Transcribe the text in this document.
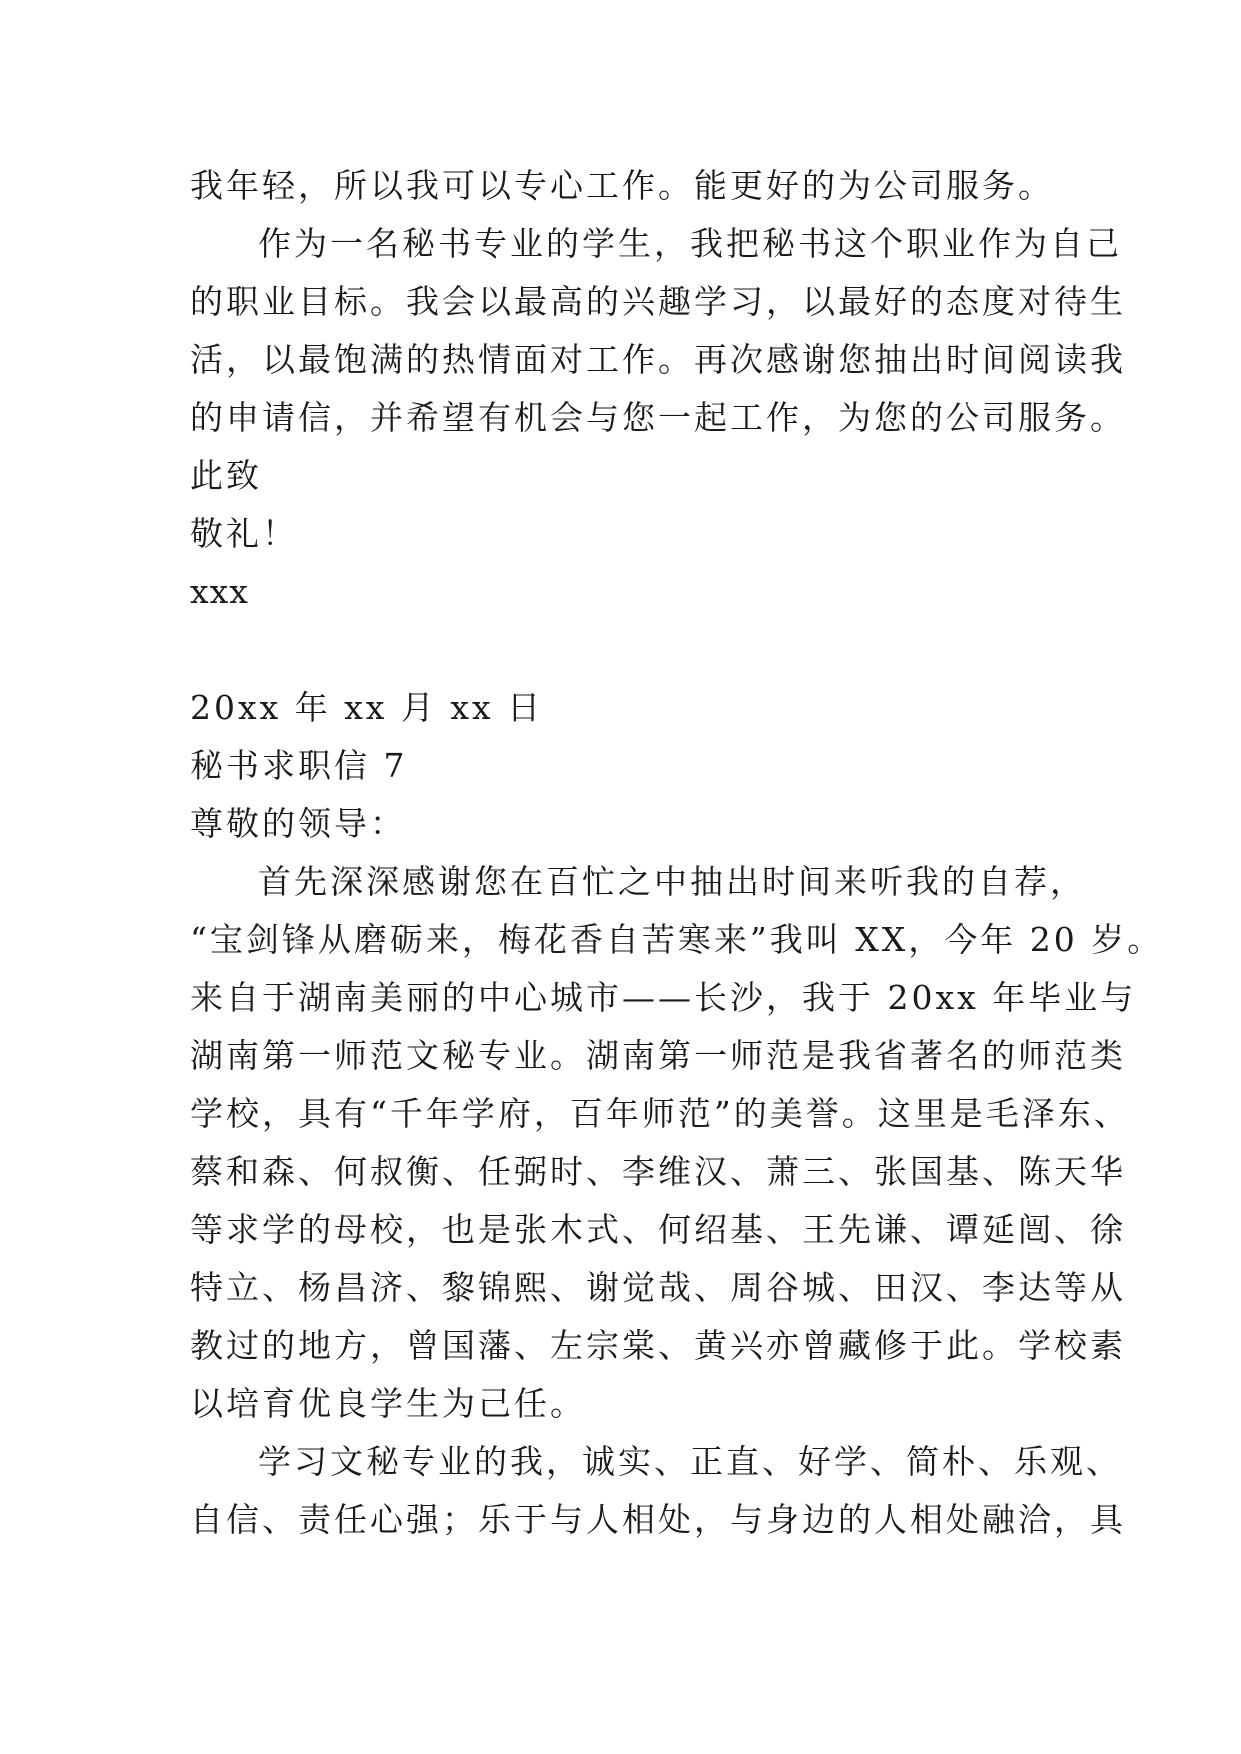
我年轻，所以我可以专心工作。能更好的为公司服务。
作为一名秘书专业的学生，我把秘书这个职业作为自己
的职业目标。我会以最高的兴趣学习，以最好的态度对待生
活，以最饱满的热情面对工作。再次感谢您抽出时间阅读我
的申请信，并希望有机会与您一起工作，为您的公司服务。
此致
敬礼！
xxx
20xx 年 xx 月 xx 日
秘书求职信 7
尊敬的领导：
首先深深感谢您在百忙之中抽出时间来听我的自荐，
“宝剑锋从磨砺来，梅花香自苦寒来”我叫 XX，今年 20 岁。
来自于湖南美丽的中心城市——长沙，我于 20xx 年毕业与
湖南第一师范文秘专业。湖南第一师范是我省著名的师范类
学校，具有“千年学府，百年师范”的美誉。这里是毛泽东、
蔡和森、何叔衡、任弼时、李维汉、萧三、张国基、陈天华
等求学的母校，也是张木式、何绍基、王先谦、谭延闿、徐
特立、杨昌济、黎锦熙、谢觉哉、周谷城、田汉、李达等从
教过的地方，曾国藩、左宗棠、黄兴亦曾藏修于此。学校素
以培育优良学生为己任。
学习文秘专业的我，诚实、正直、好学、简朴、乐观、
自信、责任心强；乐于与人相处，与身边的人相处融洽，具
